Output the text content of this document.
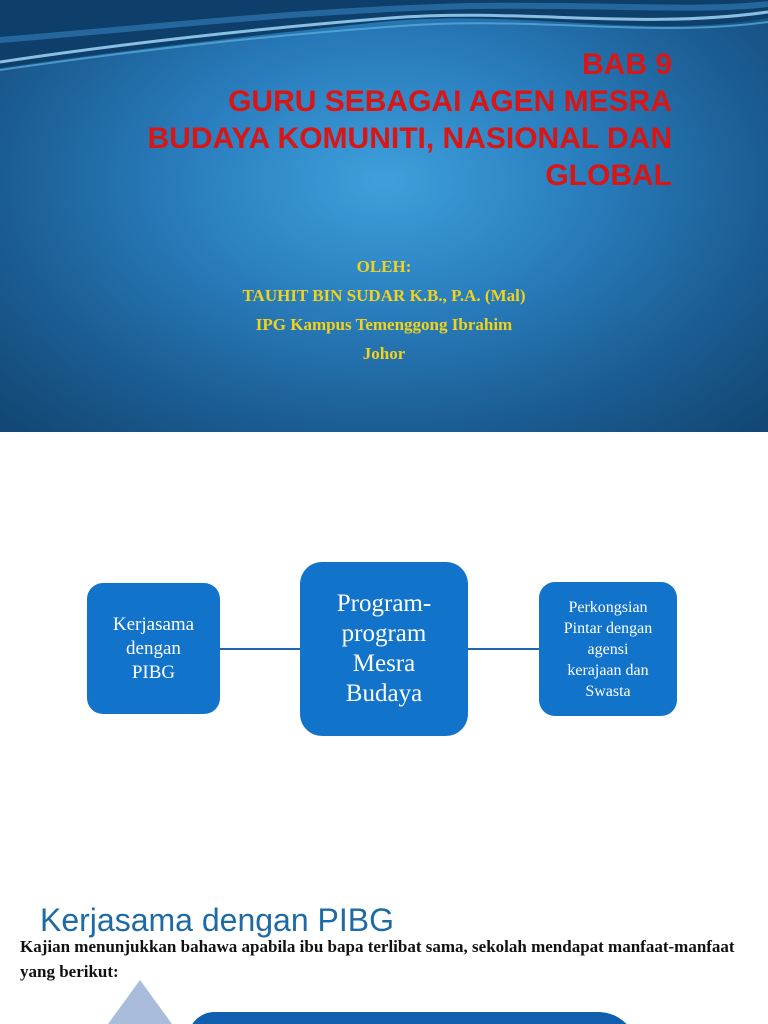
BAB 9
GURU SEBAGAI AGEN MESRA
BUDAYA KOMUNITI, NASIONAL DAN
GLOBAL
OLEH:
TAUHIT BIN SUDAR K.B., P.A. (Mal)
IPG Kampus Temenggong Ibrahim
Johor
Kerjasama
dengan
PIBG
Program-
program
Mesra
Budaya
Perkongsian
Pintar dengan
agensi
kerajaan dan
Swasta
Kerjasama dengan PIBG
Kajian menunjukkan bahawa apabila ibu bapa terlibat sama, sekolah mendapat manfaat-manfaat yang berikut:
